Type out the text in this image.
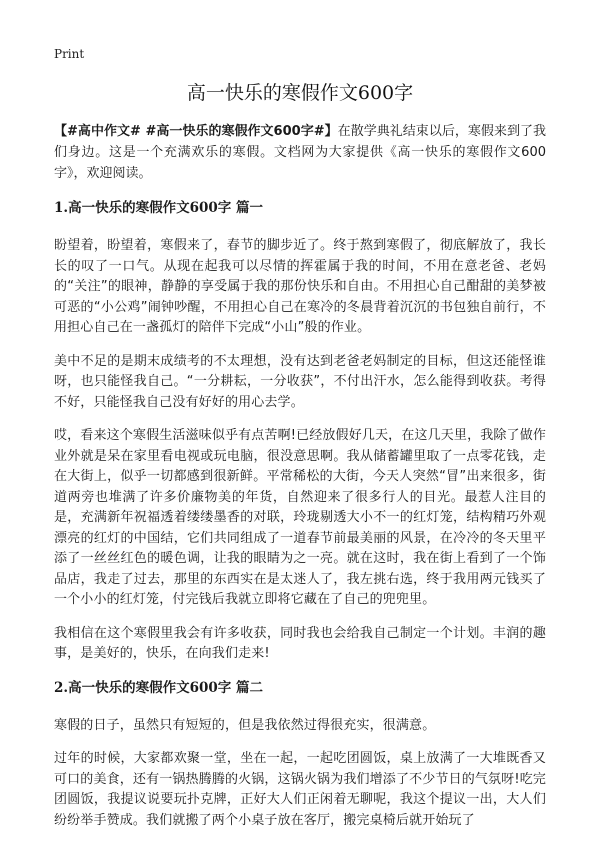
Print
高一快乐的寒假作文600字

【#高中作文# #高一快乐的寒假作文600字#】在散学典礼结束以后，寒假来到了我们身边。这是一个充满欢乐的寒假。文档网为大家提供《高一快乐的寒假作文600字》，欢迎阅读。

1.高一快乐的寒假作文600字 篇一

盼望着，盼望着，寒假来了，春节的脚步近了。终于熬到寒假了，彻底解放了，我长长的叹了一口气。从现在起我可以尽情的挥霍属于我的时间，不用在意老爸、老妈的“关注”的眼神，静静的享受属于我的那份快乐和自由。不用担心自己酣甜的美梦被可恶的“小公鸡”闹钟吵醒，不用担心自己在寒冷的冬晨背着沉沉的书包独自前行，不用担心自己在一盏孤灯的陪伴下完成“小山”般的作业。

美中不足的是期末成绩考的不太理想，没有达到老爸老妈制定的目标，但这还能怪谁呀，也只能怪我自己。“一分耕耘，一分收获”，不付出汗水，怎么能得到收获。考得不好，只能怪我自己没有好好的用心去学。

哎，看来这个寒假生活滋味似乎有点苦啊!已经放假好几天，在这几天里，我除了做作业外就是呆在家里看电视或玩电脑，很没意思啊。我从储蓄罐里取了一点零花钱，走在大街上，似乎一切都感到很新鲜。平常稀松的大街，今天人突然“冒”出来很多，街道两旁也堆满了许多价廉物美的年货，自然迎来了很多行人的目光。最惹人注目的是，充满新年祝福透着缕缕墨香的对联，玲珑剔透大小不一的红灯笼，结构精巧外观漂亮的红灯的中国结，它们共同组成了一道春节前最美丽的风景，在冷冷的冬天里平添了一丝丝红色的暖色调，让我的眼睛为之一亮。就在这时，我在街上看到了一个饰品店，我走了过去，那里的东西实在是太迷人了，我左挑右选，终于我用两元钱买了一个小小的红灯笼，付完钱后我就立即将它藏在了自己的兜兜里。

我相信在这个寒假里我会有许多收获，同时我也会给我自己制定一个计划。丰润的趣事，是美好的，快乐，在向我们走来!

2.高一快乐的寒假作文600字 篇二

寒假的日子，虽然只有短短的，但是我依然过得很充实，很满意。

过年的时候，大家都欢聚一堂，坐在一起，一起吃团圆饭，桌上放满了一大堆既香又可口的美食，还有一锅热腾腾的火锅，这锅火锅为我们增添了不少节日的气氛呀!吃完团圆饭，我提议说要玩扑克牌，正好大人们正闲着无聊呢，我这个提议一出，大人们纷纷举手赞成。我们就搬了两个小桌子放在客厅，搬完桌椅后就开始玩了
